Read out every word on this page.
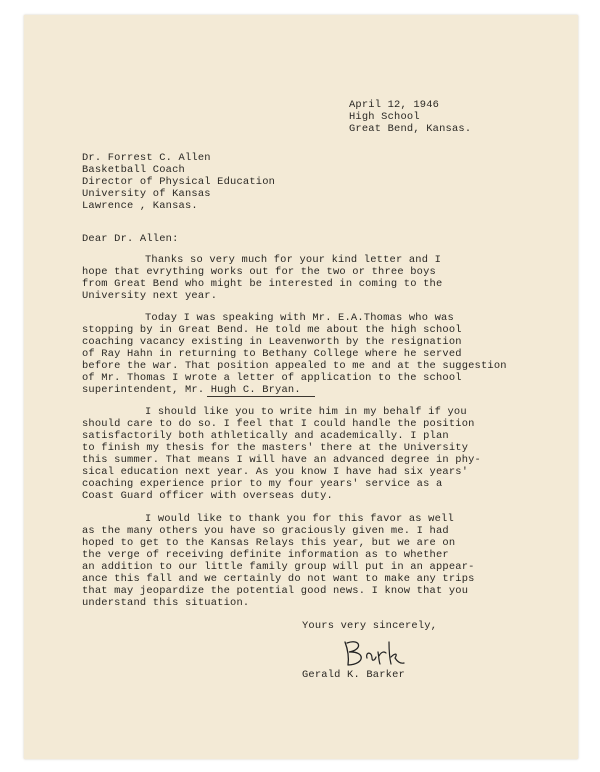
April 12, 1946
High School
Great Bend, Kansas.
Dr. Forrest C. Allen
Basketball Coach
Director of Physical Education
University of Kansas
Lawrence , Kansas.
Dear Dr. Allen:
Thanks so very much for your kind letter and I
hope that evrything works out for the two or three boys
from Great Bend who might be interested in coming to the
University next year.
Today I was speaking with Mr. E.A.Thomas who was
stopping by in Great Bend. He told me about the high school
coaching vacancy existing in Leavenworth by the resignation
of Ray Hahn in returning to Bethany College where he served
before the war. That position appealed to me and at the suggestion
of Mr. Thomas I wrote a letter of application to the school
superintendent, Mr. Hugh C. Bryan.
I should like you to write him in my behalf if you
should care to do so. I feel that I could handle the position
satisfactorily both athletically and academically. I plan
to finish my thesis for the masters' there at the University
this summer. That means I will have an advanced degree in phy-
sical education next year. As you know I have had six years'
coaching experience prior to my four years' service as a
Coast Guard officer with overseas duty.
I would like to thank you for this favor as well
as the many others you have so graciously given me. I had
hoped to get to the Kansas Relays this year, but we are on
the verge of receiving definite information as to whether
an addition to our little family group will put in an appear-
ance this fall and we certainly do not want to make any trips
that may jeopardize the potential good news. I know that you
understand this situation.
Yours very sincerely,
Gerald K. Barker
